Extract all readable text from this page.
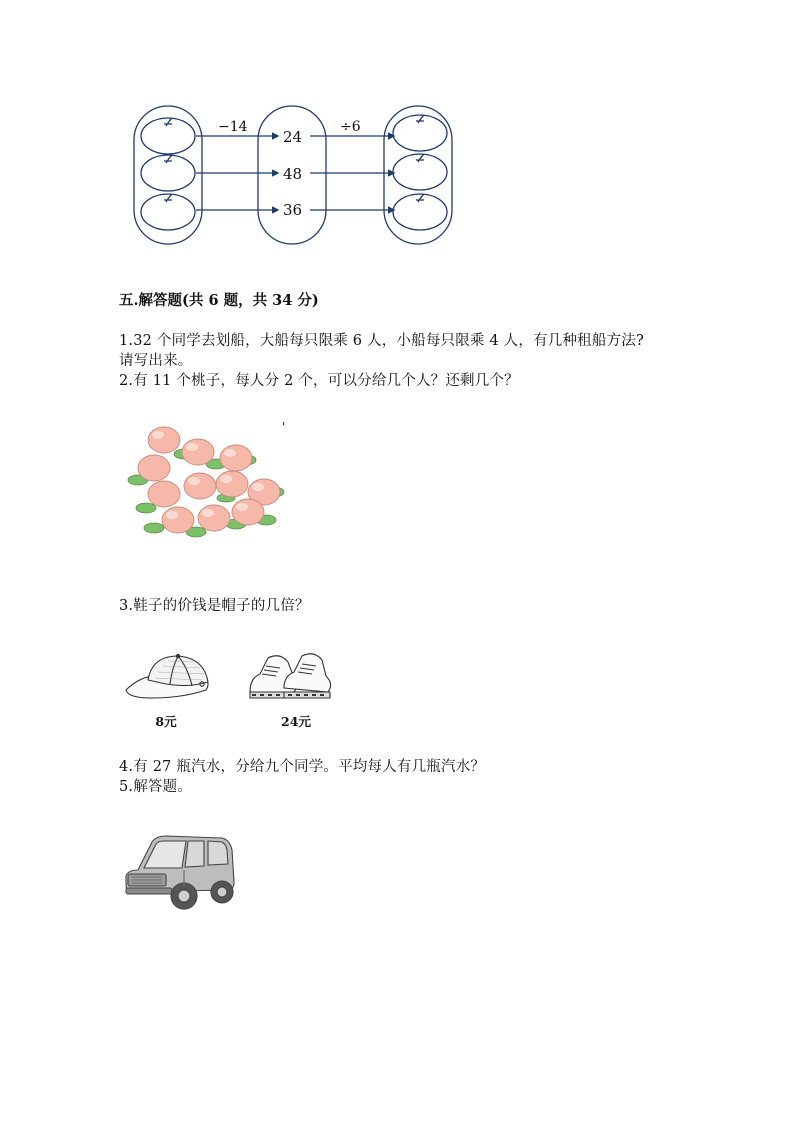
−14	÷6
24
48
36
五.解答题(共 6 题，共 34 分)
1.32 个同学去划船，大船每只限乘 6 人，小船每只限乘 4 人，有几种租船方法?
请写出来。
2.有 11 个桃子，每人分 2 个，可以分给几个人？还剩几个？
'
3.鞋子的价钱是帽子的几倍？
8元	24元
4.有 27 瓶汽水，分给九个同学。平均每人有几瓶汽水？
5.解答题。
